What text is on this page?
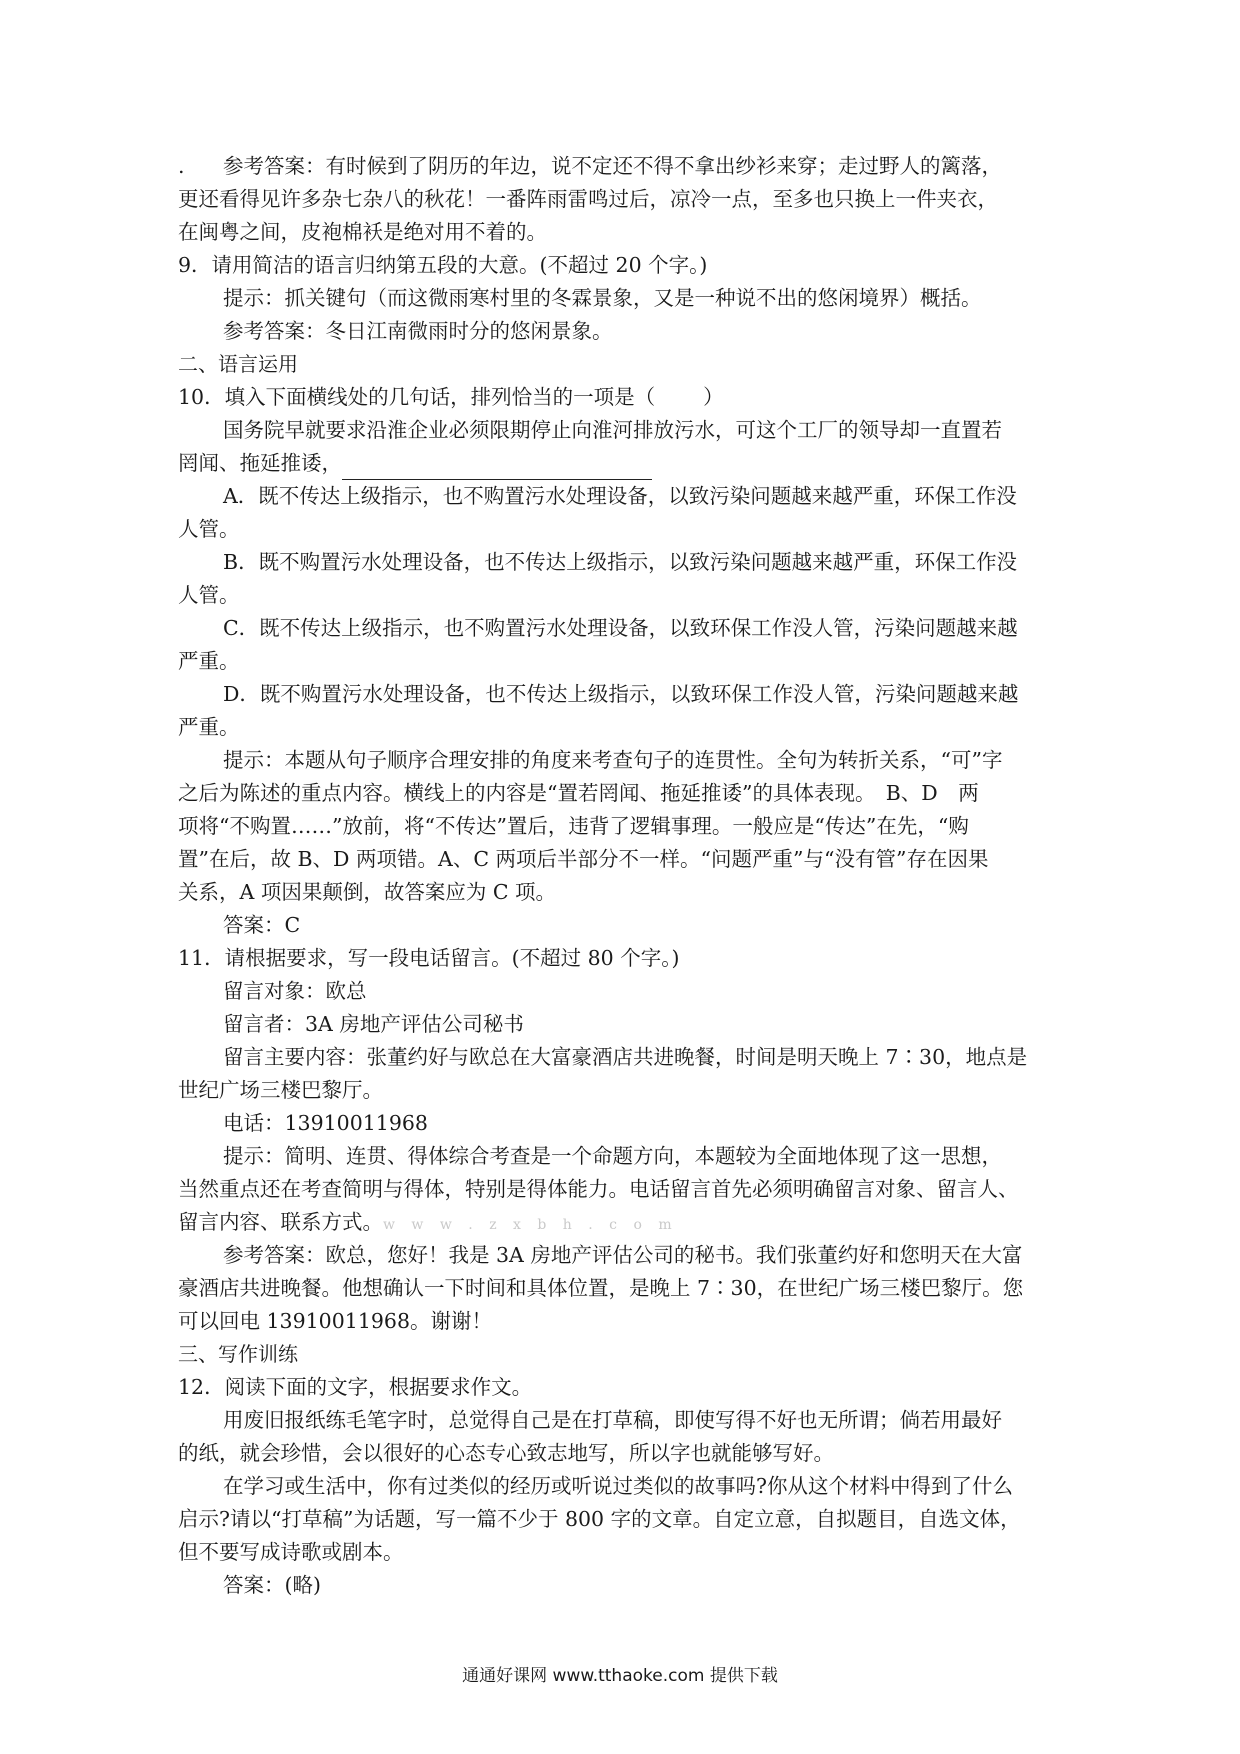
. 参考答案：有时候到了阴历的年边，说不定还不得不拿出纱衫来穿；走过野人的篱落，
更还看得见许多杂七杂八的秋花！一番阵雨雷鸣过后，凉冷一点，至多也只换上一件夹衣，
在闽粤之间，皮袍棉袄是绝对用不着的。
9．请用简洁的语言归纳第五段的大意。(不超过 20 个字。)
提示：抓关键句（而这微雨寒村里的冬霖景象，又是一种说不出的悠闲境界）概括。
参考答案：冬日江南微雨时分的悠闲景象。
二、语言运用
10．填入下面横线处的几句话，排列恰当的一项是（ ）
国务院早就要求沿淮企业必须限期停止向淮河排放污水，可这个工厂的领导却一直置若
罔闻、拖延推诿，
A．既不传达上级指示，也不购置污水处理设备，以致污染问题越来越严重，环保工作没
人管。
B．既不购置污水处理设备，也不传达上级指示，以致污染问题越来越严重，环保工作没
人管。
C．既不传达上级指示，也不购置污水处理设备，以致环保工作没人管，污染问题越来越
严重。
D．既不购置污水处理设备，也不传达上级指示，以致环保工作没人管，污染问题越来越
严重。
提示：本题从句子顺序合理安排的角度来考查句子的连贯性。全句为转折关系，“可”字
之后为陈述的重点内容。横线上的内容是“置若罔闻、拖延推诿”的具体表现。　B、D　两
项将“不购置……”放前，将“不传达”置后，违背了逻辑事理。一般应是“传达”在先，“购
置”在后，故 B、D 两项错。A、C 两项后半部分不一样。“问题严重”与“没有管”存在因果
关系，A 项因果颠倒，故答案应为 C 项。
答案：C
11．请根据要求，写一段电话留言。(不超过 80 个字。)
留言对象：欧总
留言者：3A 房地产评估公司秘书
留言主要内容：张董约好与欧总在大富豪酒店共进晚餐，时间是明天晚上 7∶30，地点是
世纪广场三楼巴黎厅。
电话：13910011968
提示：简明、连贯、得体综合考查是一个命题方向，本题较为全面地体现了这一思想，
当然重点还在考查简明与得体，特别是得体能力。电话留言首先必须明确留言对象、留言人、
留言内容、联系方式。w w w . z x b h . c o m
参考答案：欧总，您好！我是 3A 房地产评估公司的秘书。我们张董约好和您明天在大富
豪酒店共进晚餐。他想确认一下时间和具体位置，是晚上 7∶30，在世纪广场三楼巴黎厅。您
可以回电 13910011968。谢谢！
三、写作训练
12．阅读下面的文字，根据要求作文。
用废旧报纸练毛笔字时，总觉得自己是在打草稿，即使写得不好也无所谓；倘若用最好
的纸，就会珍惜，会以很好的心态专心致志地写，所以字也就能够写好。
在学习或生活中，你有过类似的经历或听说过类似的故事吗?你从这个材料中得到了什么
启示?请以“打草稿”为话题，写一篇不少于 800 字的文章。自定立意，自拟题目，自选文体，
但不要写成诗歌或剧本。
答案：(略)
通通好课网 www.tthaoke.com 提供下载
